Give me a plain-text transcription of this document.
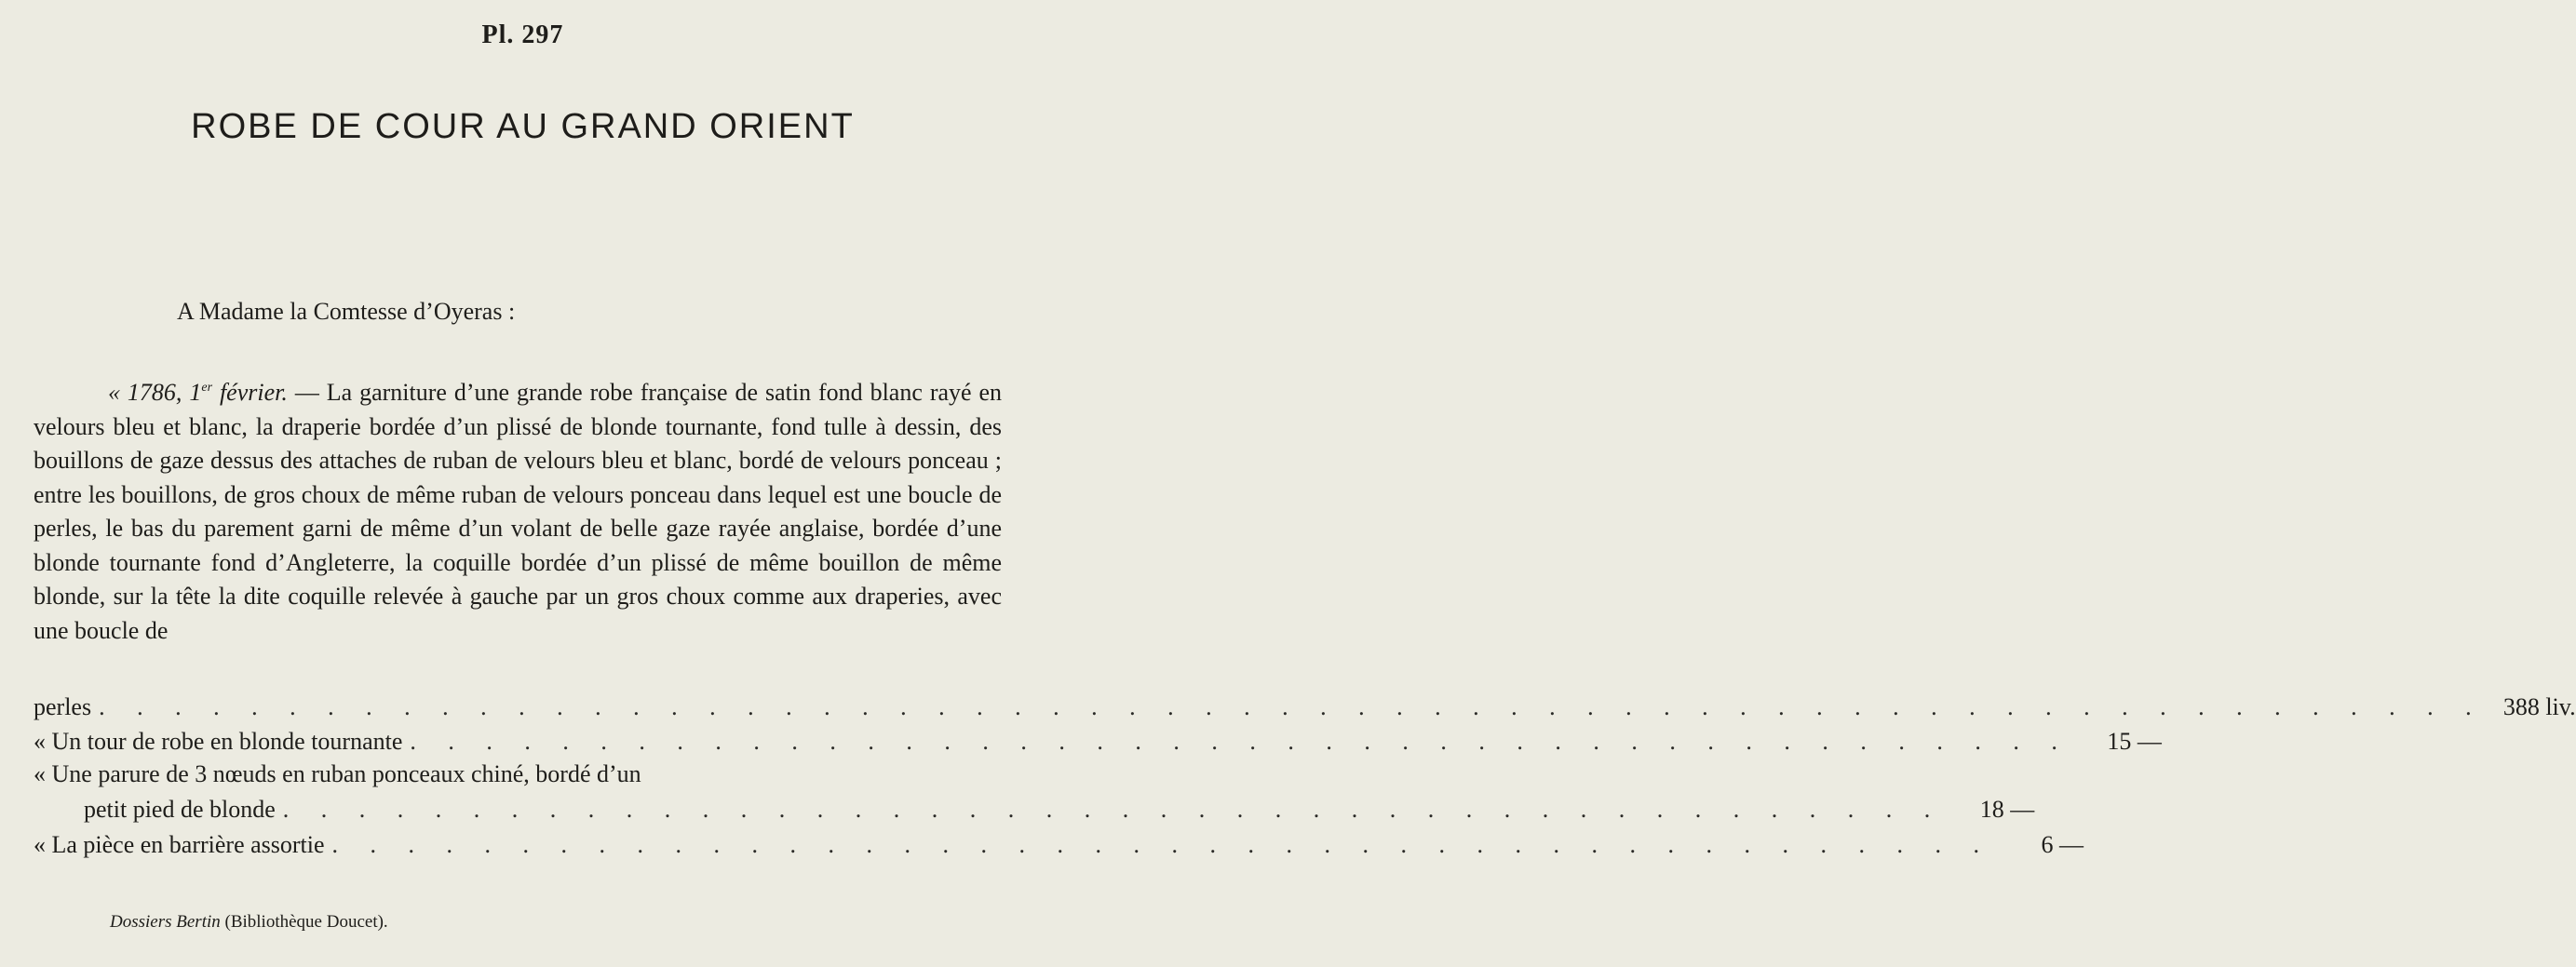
Pl. 297
ROBE DE COUR AU GRAND ORIENT
A Madame la Comtesse d’Oyeras :
« 1786, 1er février. — La garniture d’une grande robe française de satin fond blanc rayé en velours bleu et blanc, la draperie bordée d’un plissé de blonde tournante, fond tulle à dessin, des bouillons de gaze dessus des attaches de ruban de velours bleu et blanc, bordé de velours ponceau ; entre les bouillons, de gros choux de même ruban de velours ponceau dans lequel est une boucle de perles, le bas du parement garni de même d’un volant de belle gaze rayée anglaise, bordée d’une blonde tournante fond d’Angleterre, la coquille bordée d’un plissé de même bouillon de même blonde, sur la tête la dite coquille relevée à gauche par un gros choux comme aux draperies, avec une boucle de
perles . . . . . . . . . . . . . . . . . . . . . . . . . . . . . . . . . . . . . . . . . . . . . . . . . . . . . . . . . . . . . . . 388 liv.
« Un tour de robe en blonde tournante . . . . . . . . . . . . . . . . . . . . . . . . . . . . . . . . . . . . . . . . . . . .	15 —
« Une parure de 3 nœuds en ruban ponceaux chiné, bordé d’un
petit pied de blonde . . . . . . . . . . . . . . . . . . . . . . . . . . . . . . . . . . . . . . . . . . . .	18 —
« La pièce en barrière assortie . . . . . . . . . . . . . . . . . . . . . . . . . . . . . . . . . . . . . . . . . . . .	6 —
Dossiers Bertin (Bibliothèque Doucet).
